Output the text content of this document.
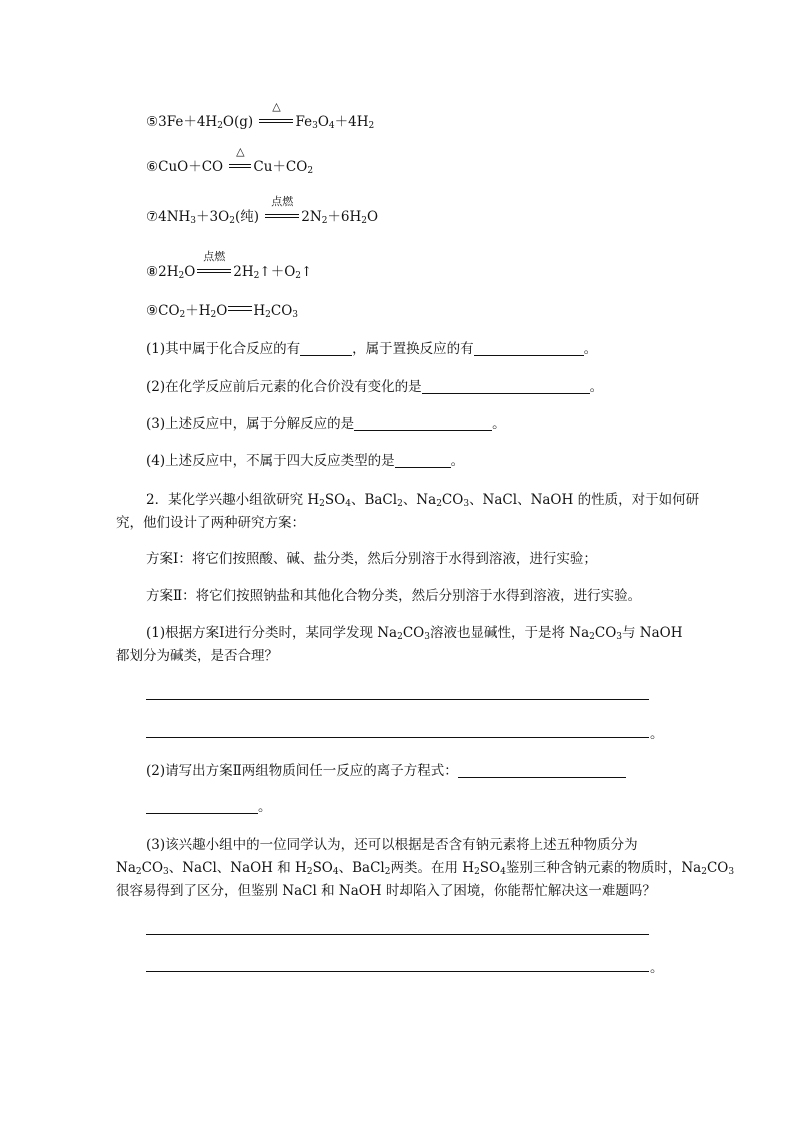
$⑤3Fe+4H_2O(g)$
△
$Fe_3O_4+4H_2$
⑥CuO＋CO
△
$Cu+CO_2$
$⑦4NH_3+3O_2$(纯)
点燃
$2N_2+6H_2O$
$⑧2H_2O$
点燃
$2H_2↑+O_2↑$
$⑨CO_2+H_2O$ $H_2CO_3$
(1)其中属于化合反应的有	，属于置换反应的有	。
(2)在化学反应前后元素的化合价没有变化的是	。
(3)上述反应中，属于分解反应的是	。
(4)上述反应中，不属于四大反应类型的是	。
2．某化学兴趣小组欲研究 $H_2SO_4$、BaCl$_2$、$Na_2CO_3$、NaCl、NaOH 的性质，对于如何研
究，他们设计了两种研究方案：
方案Ⅰ：将它们按照酸、碱、盐分类，然后分别溶于水得到溶液，进行实验；
方案Ⅱ：将它们按照钠盐和其他化合物分类，然后分别溶于水得到溶液，进行实验。
(1)根据方案Ⅰ进行分类时，某同学发现 $Na_2CO_3$溶液也显碱性，于是将 $Na_2CO_3$与 NaOH
都划分为碱类，是否合理？
。
(2)请写出方案Ⅱ两组物质间任一反应的离子方程式：
。
(3)该兴趣小组中的一位同学认为，还可以根据是否含有钠元素将上述五种物质分为
$Na_2CO_3$、NaCl、NaOH 和 $H_2SO_4$、BaCl$_2$两类。在用 $H_2SO_4$鉴别三种含钠元素的物质时，$Na_2CO_3$
很容易得到了区分，但鉴别 NaCl 和 NaOH 时却陷入了困境，你能帮忙解决这一难题吗？
。
